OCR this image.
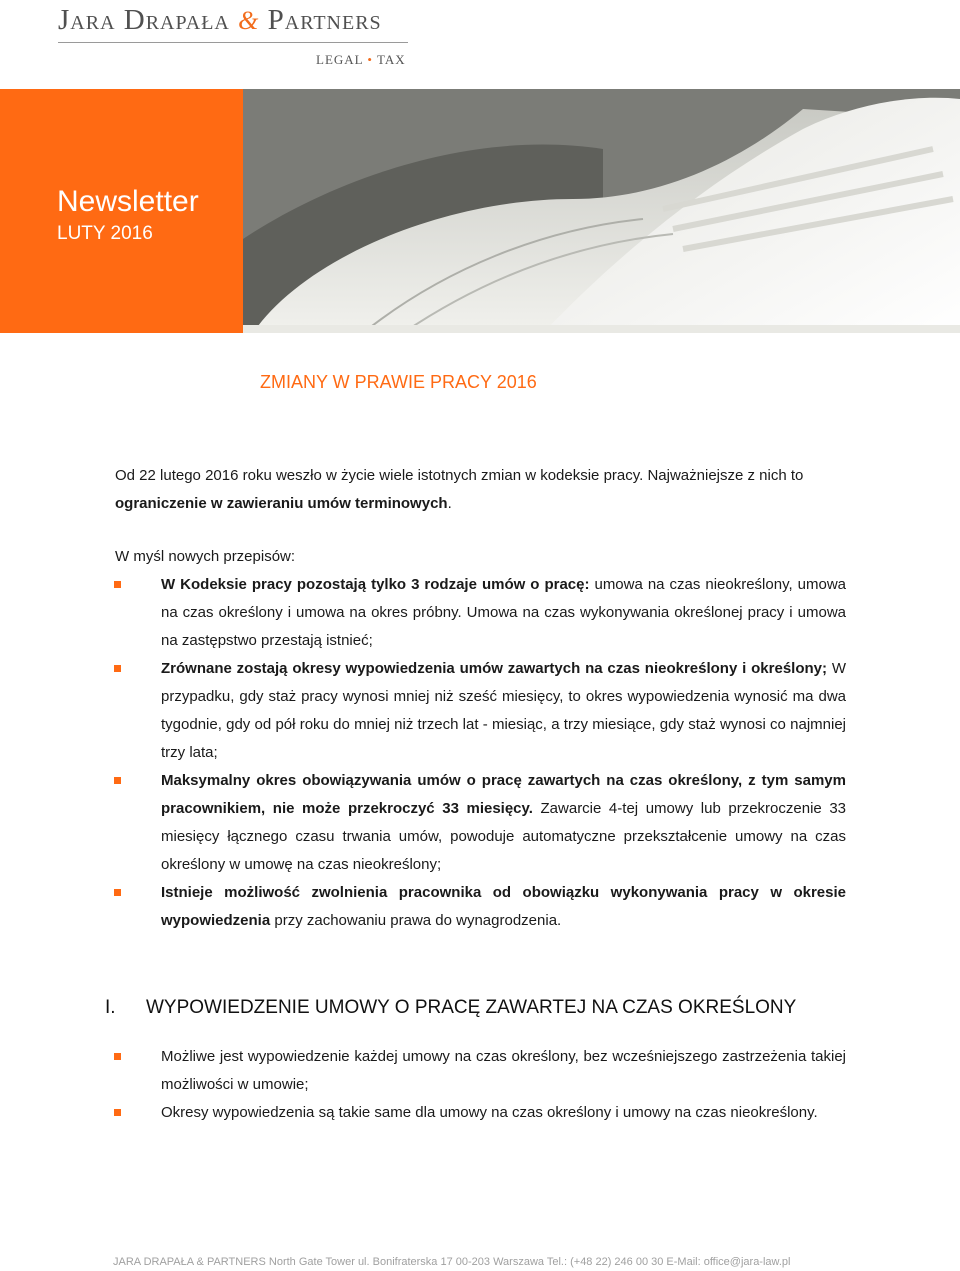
Jara Drapała & Partners
LEGAL • TAX
Newsletter
LUTY 2016
ZMIANY W PRAWIE PRACY 2016
Od 22 lutego 2016 roku weszło w życie wiele istotnych zmian w kodeksie pracy. Najważniejsze z nich to ograniczenie w zawieraniu umów terminowych.
W myśl nowych przepisów:
W Kodeksie pracy pozostają tylko 3 rodzaje umów o pracę: umowa na czas nieokreślony, umowa na czas określony i umowa na okres próbny. Umowa na czas wykonywania określonej pracy i umowa na zastępstwo przestają istnieć;
Zrównane zostają okresy wypowiedzenia umów zawartych na czas nieokreślony i określony; W przypadku, gdy staż pracy wynosi mniej niż sześć miesięcy, to okres wypowiedzenia wynosić ma dwa tygodnie, gdy od pół roku do mniej niż trzech lat - miesiąc, a trzy miesiące, gdy staż wynosi co najmniej trzy lata;
Maksymalny okres obowiązywania umów o pracę zawartych na czas określony, z tym samym pracownikiem, nie może przekroczyć 33 miesięcy. Zawarcie 4-tej umowy lub przekroczenie 33 miesięcy łącznego czasu trwania umów, powoduje automatyczne przekształcenie umowy na czas określony w umowę na czas nieokreślony;
Istnieje możliwość zwolnienia pracownika od obowiązku wykonywania pracy w okresie wypowiedzenia przy zachowaniu prawa do wynagrodzenia.
I. WYPOWIEDZENIE UMOWY O PRACĘ ZAWARTEJ NA CZAS OKREŚLONY
Możliwe jest wypowiedzenie każdej umowy na czas określony, bez wcześniejszego zastrzeżenia takiej możliwości w umowie;
Okresy wypowiedzenia są takie same dla umowy na czas określony i umowy na czas nieokreślony.
JARA DRAPAŁA & PARTNERS North Gate Tower ul. Bonifraterska 17 00-203 Warszawa Tel.: (+48 22) 246 00 30 E-Mail: office@jara-law.pl
